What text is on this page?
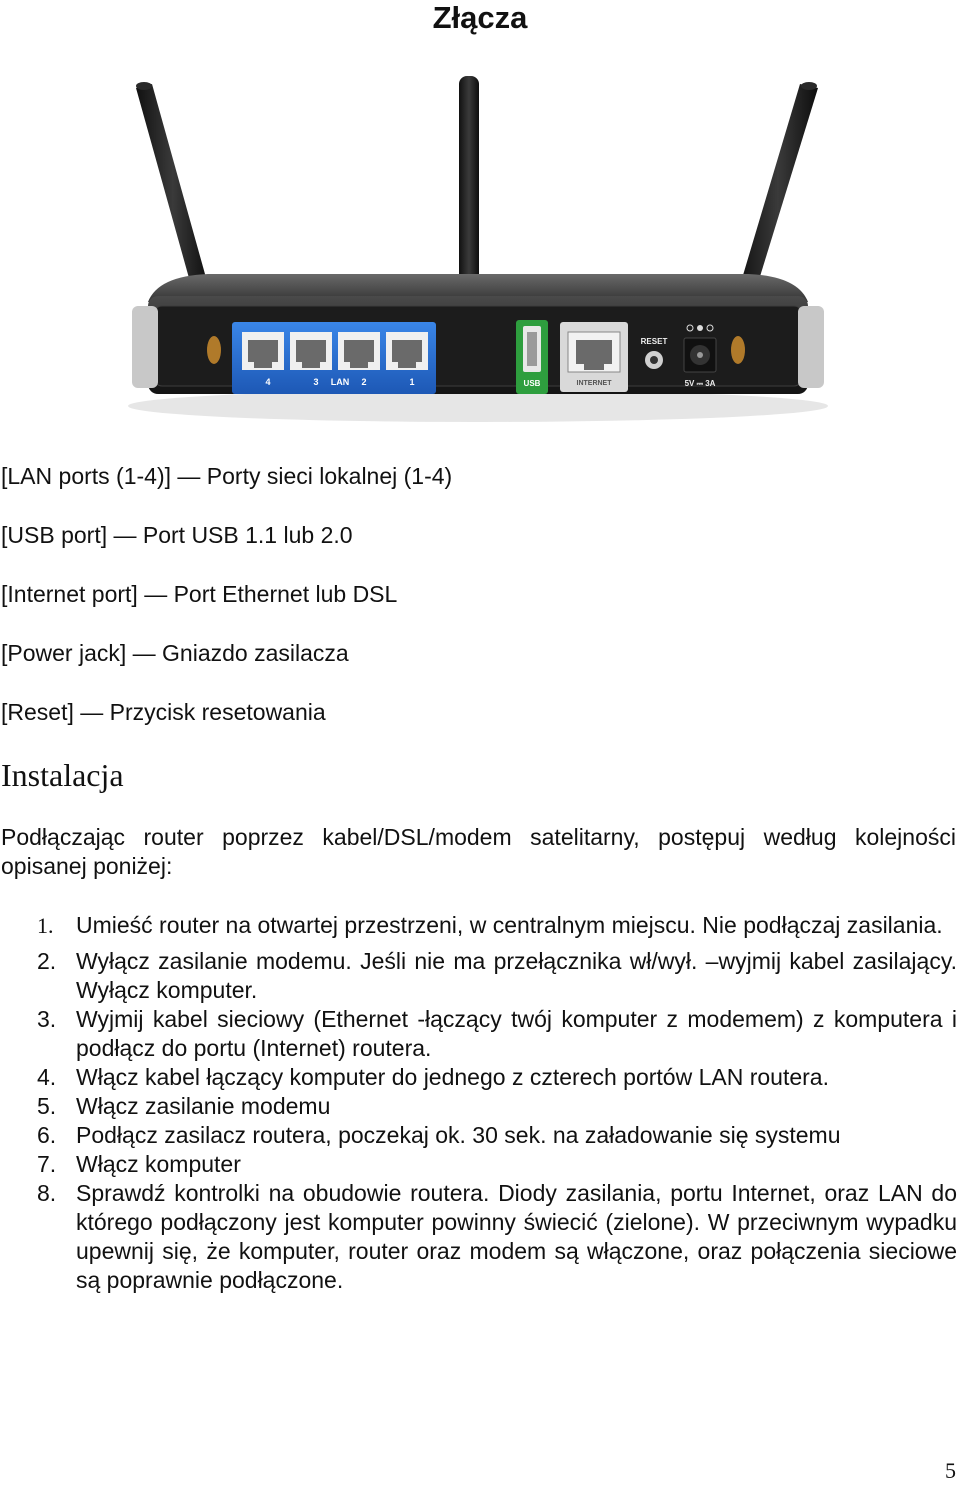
Złącza
4	3 LAN 2	1	USB	INTERNET
RESET
5V ⎓ 3A

[LAN ports (1-4)] — Porty sieci lokalnej (1-4)

[USB port] — Port USB 1.1 lub 2.0

[Internet port] — Port Ethernet lub DSL

[Power jack] — Gniazdo zasilacza

[Reset] — Przycisk resetowania

Instalacja

Podłączając router poprzez kabel/DSL/modem satelitarny, postępuj według kolejności opisanej poniżej:

1. Umieść router na otwartej przestrzeni, w centralnym miejscu. Nie podłączaj zasilania.
2. Wyłącz zasilanie modemu. Jeśli nie ma przełącznika wł/wył. –wyjmij kabel zasilający. Wyłącz komputer.
3. Wyjmij kabel sieciowy (Ethernet -łączący twój komputer z modemem) z komputera i podłącz do portu (Internet) routera.
4. Włącz kabel łączący komputer do jednego z czterech portów LAN routera.
5. Włącz zasilanie modemu
6. Podłącz zasilacz routera, poczekaj ok. 30 sek. na załadowanie się systemu
7. Włącz komputer
8. Sprawdź kontrolki na obudowie routera. Diody zasilania, portu Internet, oraz LAN do którego podłączony jest komputer powinny świecić (zielone). W przeciwnym wypadku upewnij się, że komputer, router oraz modem są włączone, oraz połączenia sieciowe są poprawnie podłączone.

5
